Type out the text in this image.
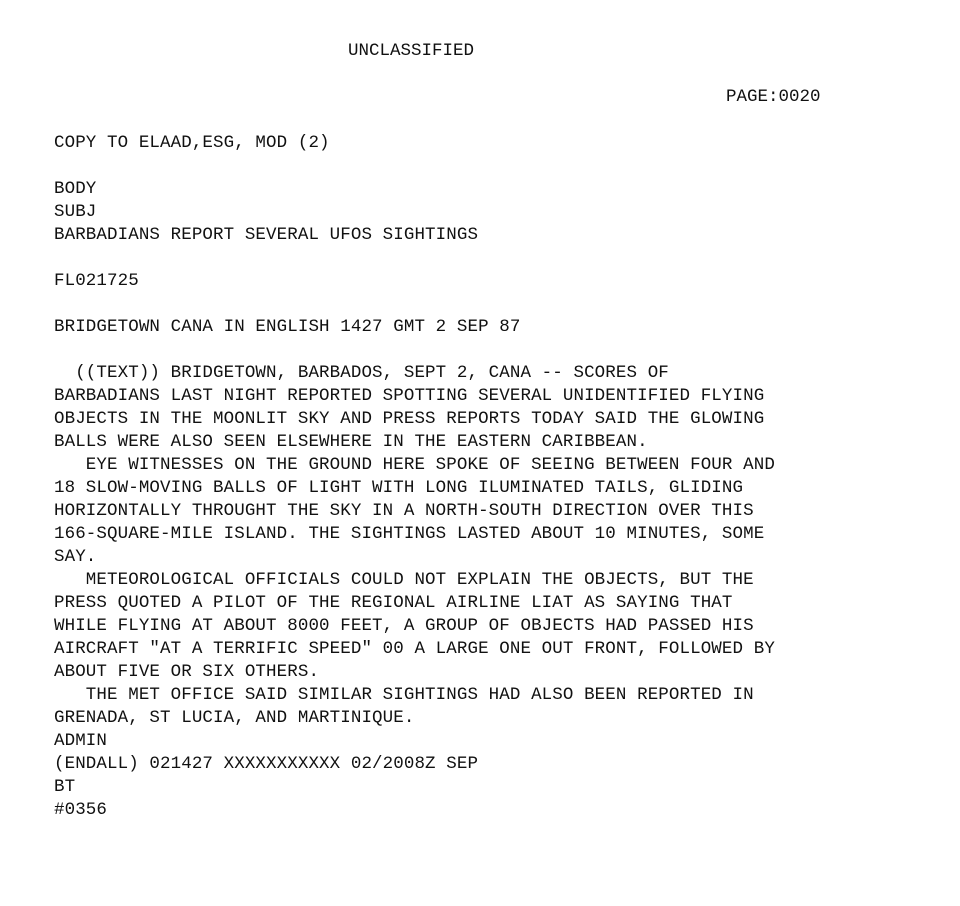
UNCLASSIFIED
PAGE:0020
COPY TO ELAAD,ESG, MOD (2)
BODY
SUBJ
BARBADIANS REPORT SEVERAL UFOS SIGHTINGS
FL021725
BRIDGETOWN CANA IN ENGLISH 1427 GMT 2 SEP 87
((TEXT)) BRIDGETOWN, BARBADOS, SEPT 2, CANA -- SCORES OF
BARBADIANS LAST NIGHT REPORTED SPOTTING SEVERAL UNIDENTIFIED FLYING
OBJECTS IN THE MOONLIT SKY AND PRESS REPORTS TODAY SAID THE GLOWING
BALLS WERE ALSO SEEN ELSEWHERE IN THE EASTERN CARIBBEAN.
EYE WITNESSES ON THE GROUND HERE SPOKE OF SEEING BETWEEN FOUR AND
18 SLOW-MOVING BALLS OF LIGHT WITH LONG ILUMINATED TAILS, GLIDING
HORIZONTALLY THROUGHT THE SKY IN A NORTH-SOUTH DIRECTION OVER THIS
166-SQUARE-MILE ISLAND. THE SIGHTINGS LASTED ABOUT 10 MINUTES, SOME
SAY.
METEOROLOGICAL OFFICIALS COULD NOT EXPLAIN THE OBJECTS, BUT THE
PRESS QUOTED A PILOT OF THE REGIONAL AIRLINE LIAT AS SAYING THAT
WHILE FLYING AT ABOUT 8000 FEET, A GROUP OF OBJECTS HAD PASSED HIS
AIRCRAFT "AT A TERRIFIC SPEED" 00 A LARGE ONE OUT FRONT, FOLLOWED BY
ABOUT FIVE OR SIX OTHERS.
THE MET OFFICE SAID SIMILAR SIGHTINGS HAD ALSO BEEN REPORTED IN
GRENADA, ST LUCIA, AND MARTINIQUE.
ADMIN
(ENDALL) 021427 XXXXXXXXXXX 02/2008Z SEP
BT
#0356
